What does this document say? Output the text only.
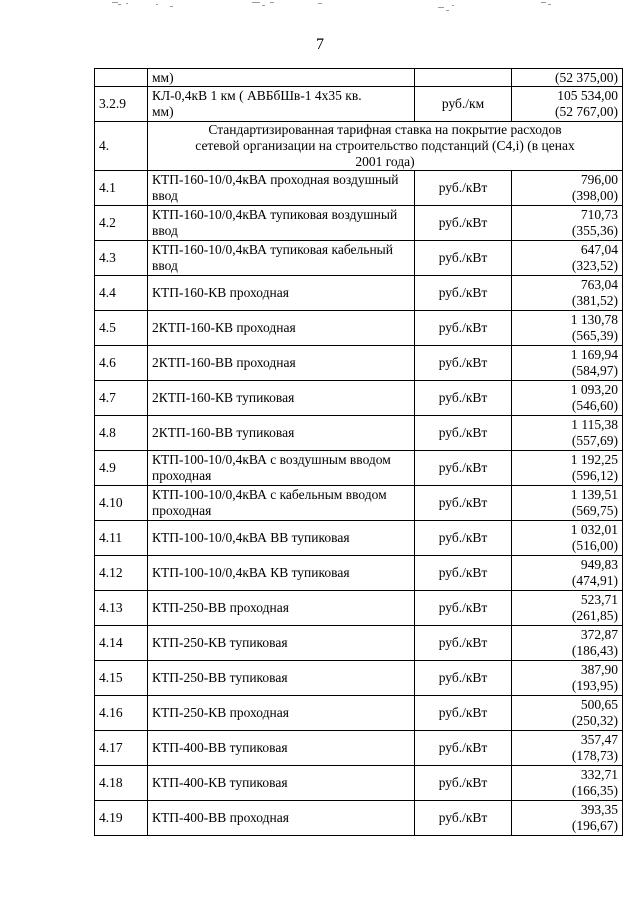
7
	мм)		(52 375,00)
3.2.9	КЛ-0,4кВ 1 км ( АВБбШв-1 4х35 кв.
мм)	руб./км	105 534,00
(52 767,00)

4.	Стандартизированная тарифная ставка на покрытие расходов
сетевой организации на строительство подстанций (С4,i) (в ценах
2001 года)		

4.1	КТП-160-10/0,4кВА проходная воздушный ввод	руб./кВт	796,00
(398,00)

4.2	КТП-160-10/0,4кВА тупиковая воздушный ввод	руб./кВт	710,73
(355,36)

4.3	КТП-160-10/0,4кВА тупиковая кабельный ввод	руб./кВт	647,04
(323,52)

4.4	КТП-160-КВ проходная	руб./кВт	763,04
(381,52)

4.5	2КТП-160-КВ проходная	руб./кВт	1 130,78
(565,39)

4.6	2КТП-160-ВВ проходная	руб./кВт	1 169,94
(584,97)

4.7	2КТП-160-КВ тупиковая	руб./кВт	1 093,20
(546,60)

4.8	2КТП-160-ВВ тупиковая	руб./кВт	1 115,38
(557,69)

4.9	КТП-100-10/0,4кВА с воздушным вводом проходная	руб./кВт	1 192,25
(596,12)

4.10	КТП-100-10/0,4кВА с кабельным вводом проходная	руб./кВт	1 139,51
(569,75)

4.11	КТП-100-10/0,4кВА ВВ тупиковая	руб./кВт	1 032,01
(516,00)

4.12	КТП-100-10/0,4кВА КВ тупиковая	руб./кВт	949,83
(474,91)

4.13	КТП-250-ВВ проходная	руб./кВт	523,71
(261,85)

4.14	КТП-250-КВ тупиковая	руб./кВт	372,87
(186,43)

4.15	КТП-250-ВВ тупиковая	руб./кВт	387,90
(193,95)

4.16	КТП-250-КВ проходная	руб./кВт	500,65
(250,32)

4.17	КТП-400-ВВ тупиковая	руб./кВт	357,47
(178,73)

4.18	КТП-400-КВ тупиковая	руб./кВт	332,71
(166,35)

4.19	КТП-400-ВВ проходная	руб./кВт	393,35
(196,67)
